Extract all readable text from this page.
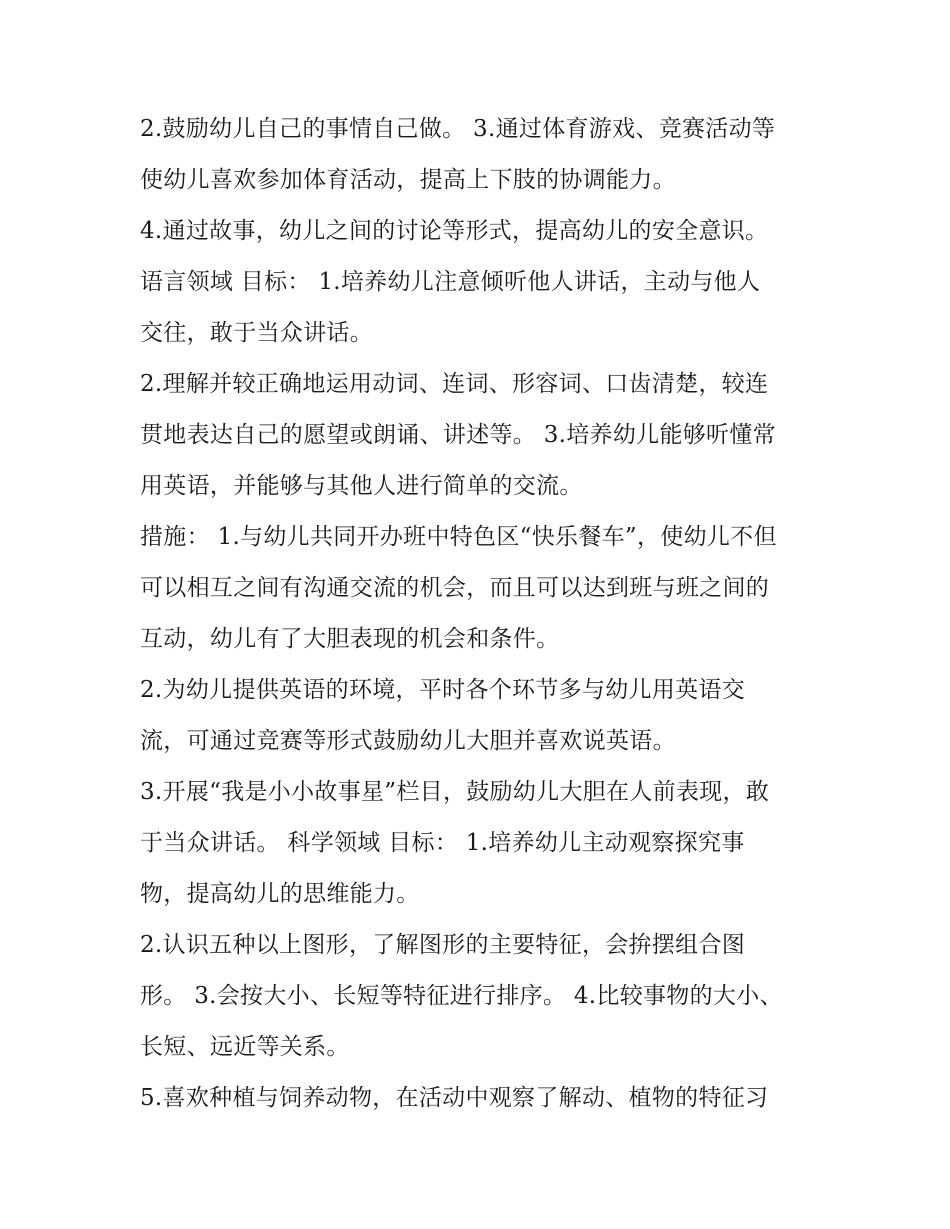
2.鼓励幼儿自己的事情自己做。 3.通过体育游戏、竞赛活动等
使幼儿喜欢参加体育活动，提高上下肢的协调能力。
4.通过故事，幼儿之间的讨论等形式，提高幼儿的安全意识。
语言领域 目标： 1.培养幼儿注意倾听他人讲话，主动与他人
交往，敢于当众讲话。
2.理解并较正确地运用动词、连词、形容词、口齿清楚，较连
贯地表达自己的愿望或朗诵、讲述等。 3.培养幼儿能够听懂常
用英语，并能够与其他人进行简单的交流。
措施： 1.与幼儿共同开办班中特色区“快乐餐车”，使幼儿不但
可以相互之间有沟通交流的机会，而且可以达到班与班之间的
互动，幼儿有了大胆表现的机会和条件。
2.为幼儿提供英语的环境，平时各个环节多与幼儿用英语交
流，可通过竞赛等形式鼓励幼儿大胆并喜欢说英语。
3.开展“我是小小故事星”栏目，鼓励幼儿大胆在人前表现，敢
于当众讲话。 科学领域 目标： 1.培养幼儿主动观察探究事
物，提高幼儿的思维能力。
2.认识五种以上图形，了解图形的主要特征，会拚摆组合图
形。 3.会按大小、长短等特征进行排序。 4.比较事物的大小、
长短、远近等关系。
5.喜欢种植与饲养动物，在活动中观察了解动、植物的特征习
